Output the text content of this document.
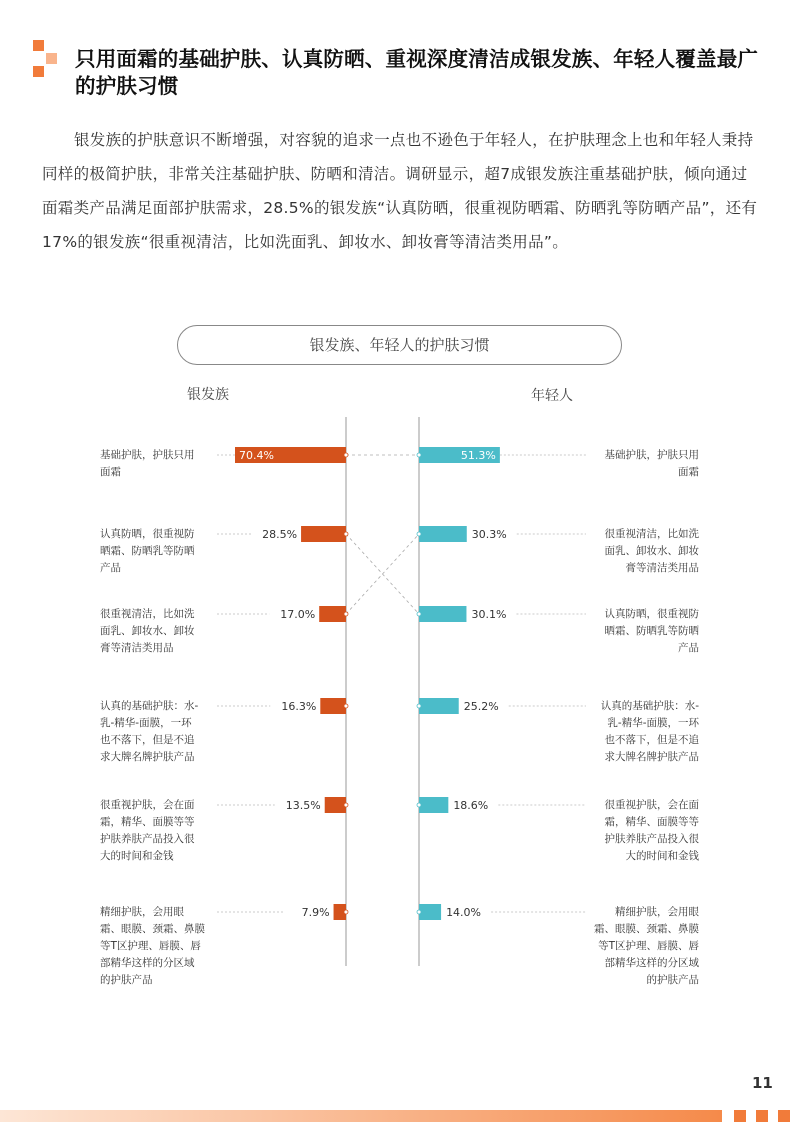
只用面霜的基础护肤、认真防晒、重视深度清洁成银发族、年轻人覆盖最广的护肤习惯
银发族的护肤意识不断增强，对容貌的追求一点也不逊色于年轻人，在护肤理念上也和年轻人秉持同样的极简护肤，非常关注基础护肤、防晒和清洁。调研显示，超7成银发族注重基础护肤，倾向通过面霜类产品满足面部护肤需求，28.5%的银发族“认真防晒，很重视防晒霜、防晒乳等防晒产品”，还有17%的银发族“很重视清洁，比如洗面乳、卸妆水、卸妆膏等清洁类用品”。
银发族、年轻人的护肤习惯
银发族	年轻人
70.4%
28.5%
17.0%
16.3%
13.5%
7.9%
51.3%
30.3%
30.1%
25.2%
18.6%
14.0%
基础护肤，护肤只用
面霜
认真防晒，很重视防
晒霜、防晒乳等防晒
产品
很重视清洁，比如洗
面乳、卸妆水、卸妆
膏等清洁类用品
认真的基础护肤：水-
乳-精华-面膜，一环
也不落下，但是不追
求大牌名牌护肤产品
很重视护肤，会在面
霜，精华、面膜等等
护肤养肤产品投入很
大的时间和金钱
精细护肤，会用眼
霜、眼膜、颈霜、鼻膜
等T区护理、唇膜、唇
部精华这样的分区域
的护肤产品
基础护肤，护肤只用
面霜
很重视清洁，比如洗
面乳、卸妆水、卸妆
膏等清洁类用品
认真防晒，很重视防
晒霜、防晒乳等防晒
产品
认真的基础护肤：水-
乳-精华-面膜，一环
也不落下，但是不追
求大牌名牌护肤产品
很重视护肤，会在面
霜，精华、面膜等等
护肤养肤产品投入很
大的时间和金钱
精细护肤，会用眼
霜、眼膜、颈霜、鼻膜
等T区护理、唇膜、唇
部精华这样的分区域
的护肤产品
11
